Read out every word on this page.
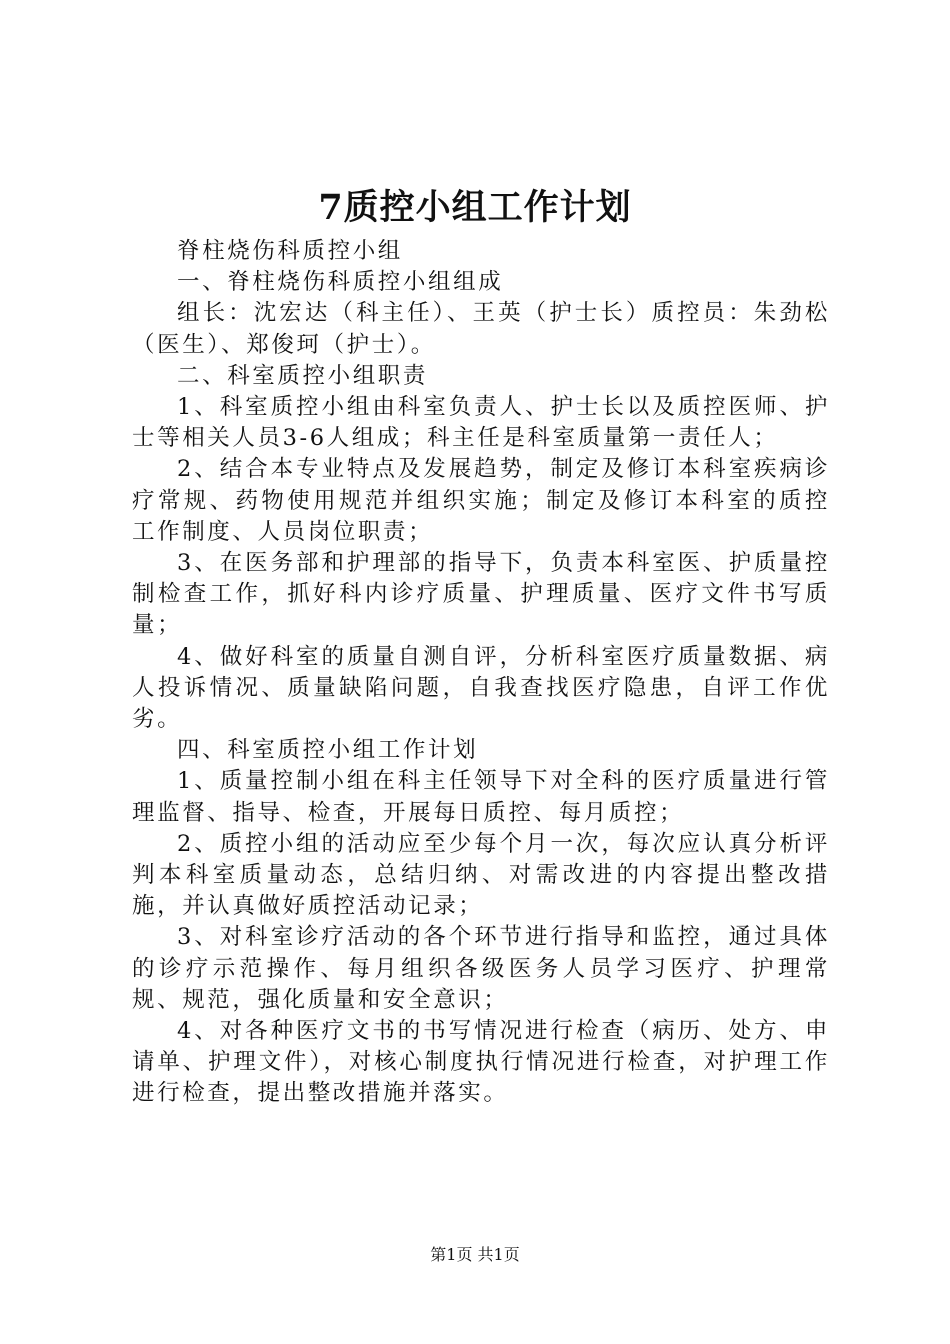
7质控小组工作计划

脊柱烧伤科质控小组

一、脊柱烧伤科质控小组组成

组长：沈宏达（科主任）、王英（护士长）质控员：朱劲松（医生）、郑俊珂（护士）。

二、科室质控小组职责

1、科室质控小组由科室负责人、护士长以及质控医师、护士等相关人员3-6人组成；科主任是科室质量第一责任人；

2、结合本专业特点及发展趋势，制定及修订本科室疾病诊疗常规、药物使用规范并组织实施；制定及修订本科室的质控工作制度、人员岗位职责；

3、在医务部和护理部的指导下，负责本科室医、护质量控制检查工作，抓好科内诊疗质量、护理质量、医疗文件书写质量；

4、做好科室的质量自测自评，分析科室医疗质量数据、病人投诉情况、质量缺陷问题，自我查找医疗隐患，自评工作优劣。

四、科室质控小组工作计划

1、质量控制小组在科主任领导下对全科的医疗质量进行管理监督、指导、检查，开展每日质控、每月质控；

2、质控小组的活动应至少每个月一次，每次应认真分析评判本科室质量动态，总结归纳、对需改进的内容提出整改措施，并认真做好质控活动记录；

3、对科室诊疗活动的各个环节进行指导和监控，通过具体的诊疗示范操作、每月组织各级医务人员学习医疗、护理常规、规范，强化质量和安全意识；

4、对各种医疗文书的书写情况进行检查（病历、处方、申请单、护理文件），对核心制度执行情况进行检查，对护理工作进行检查，提出整改措施并落实。

第1页 共1页
